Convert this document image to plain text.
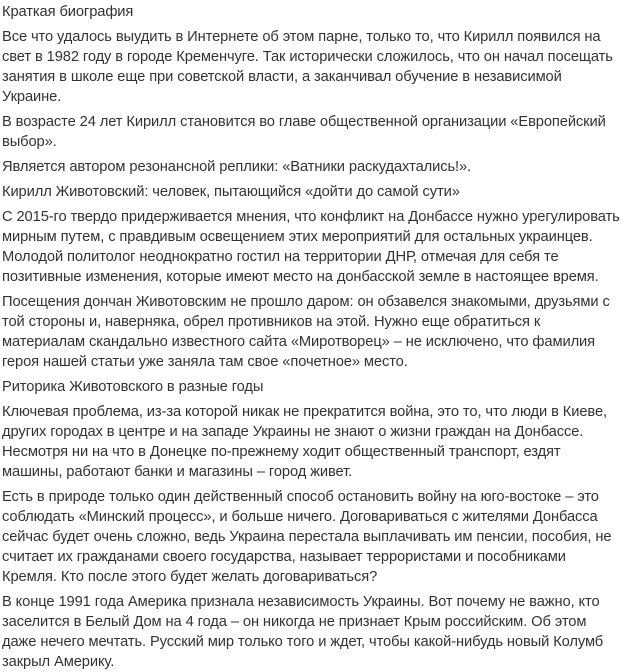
Краткая биография

Все что удалось выудить в Интернете об этом парне, только то, что Кирилл появился на свет в 1982 году в городе Кременчуге. Так исторически сложилось, что он начал посещать занятия в школе еще при советской власти, а заканчивал обучение в независимой Украине.

В возрасте 24 лет Кирилл становится во главе общественной организации «Европейский выбор».

Является автором резонансной реплики: «Ватники раскудахтались!».

Кирилл Животовский: человек, пытающийся «дойти до самой сути»

С 2015-го твердо придерживается мнения, что конфликт на Донбассе нужно урегулировать мирным путем, с правдивым освещением этих мероприятий для остальных украинцев. Молодой политолог неоднократно гостил на территории ДНР, отмечая для себя те позитивные изменения, которые имеют место на донбасской земле в настоящее время.

Посещения дончан Животовским не прошло даром: он обзавелся знакомыми, друзьями с той стороны и, наверняка, обрел противников на этой. Нужно еще обратиться к материалам скандально известного сайта «Миротворец» – не исключено, что фамилия героя нашей статьи уже заняла там свое «почетное» место.

Риторика Животовского в разные годы

Ключевая проблема, из-за которой никак не прекратится война, это то, что люди в Киеве, других городах в центре и на западе Украины не знают о жизни граждан на Донбассе. Несмотря ни на что в Донецке по-прежнему ходит общественный транспорт, ездят машины, работают банки и магазины – город живет.

Есть в природе только один действенный способ остановить войну на юго-востоке – это соблюдать «Минский процесс», и больше ничего. Договариваться с жителями Донбасса сейчас будет очень сложно, ведь Украина перестала выплачивать им пенсии, пособия, не считает их гражданами своего государства, называет террористами и пособниками Кремля. Кто после этого будет желать договариваться?

В конце 1991 года Америка признала независимость Украины. Вот почему не важно, кто заселится в Белый Дом на 4 года – он никогда не признает Крым российским. Об этом даже нечего мечтать. Русский мир только того и ждет, чтобы какой-нибудь новый Колумб закрыл Америку.
